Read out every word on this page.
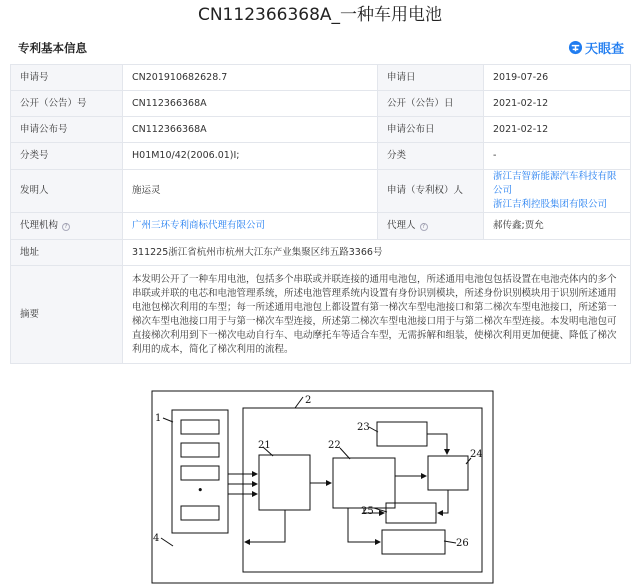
CN112366368A_一种车用电池
专利基本信息	天眼查
申请号	CN201910682628.7	申请日	2019-07-26
公开（公告）号	CN112366368A	公开（公告）日	2021-02-12
申请公布号	CN112366368A	申请公布日	2021-02-12
分类号	H01M10/42(2006.01)I;	分类	-
发明人	施运灵	申请（专利权）人	浙江吉智新能源汽车科技有限公司
浙江吉利控股集团有限公司
代理机构 ?	广州三环专利商标代理有限公司	代理人 ?	郝传鑫;贾允
地址	311225浙江省杭州市杭州大江东产业集聚区纬五路3366号		
摘要	本发明公开了一种车用电池，包括多个串联或并联连接的通用电池包，所述通用电池包包括设置在电池壳体内的多个串联或并联的电芯和电池管理系统，所述电池管理系统内设置有身份识别模块，所述身份识别模块用于识别所述通用电池包梯次利用的车型；每一所述通用电池包上都设置有第一梯次车型电池接口和第二梯次车型电池接口，所述第一梯次车型电池接口用于与第一梯次车型连接，所述第二梯次车型电池接口用于与第二梯次车型连接。本发明电池包可直接梯次利用到下一梯次电动自行车、电动摩托车等适合车型，无需拆解和组装，使梯次利用更加便捷、降低了梯次利用的成本，简化了梯次利用的流程。		
•
1
2
4
21	22
23
24
25
26
